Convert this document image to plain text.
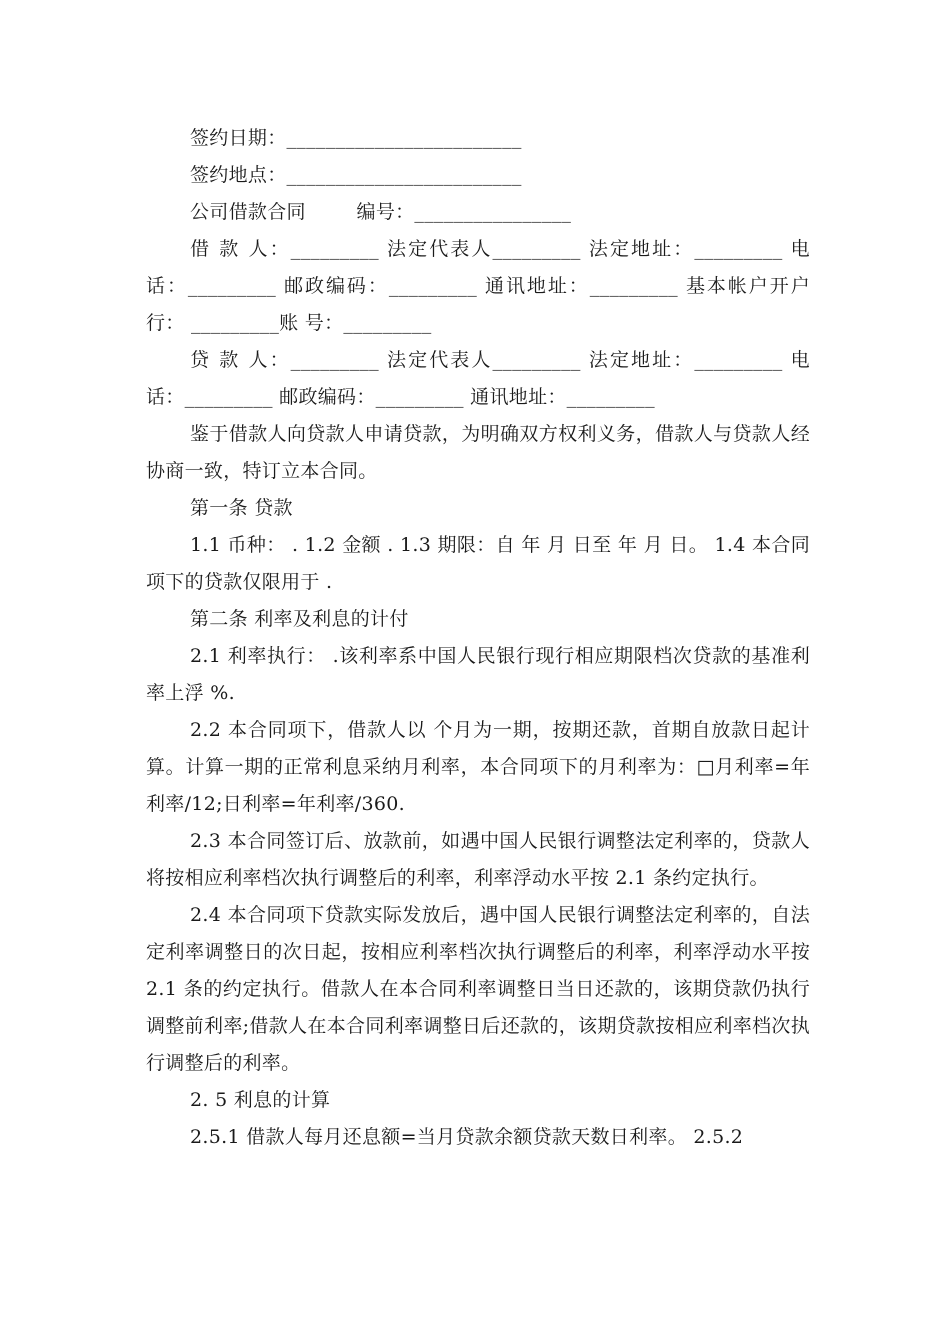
签约日期：________________________

签约地点：________________________

公司借款合同        编号：________________

借 款 人：_________ 法定代表人_________ 法定地址：_________ 电 话：_________ 邮政编码：_________ 通讯地址：_________ 基本帐户开户行： _________账 号：_________

贷 款 人：_________ 法定代表人_________ 法定地址：_________ 电 话：_________ 邮政编码：_________ 通讯地址：_________

鉴于借款人向贷款人申请贷款，为明确双方权利义务，借款人与贷款人经协商一致，特订立本合同。

第一条 贷款

1.1 币种： . 1.2 金额 . 1.3 期限：自 年 月 日至 年 月 日。 1.4 本合同项下的贷款仅限用于 .

第二条 利率及利息的计付

2.1 利率执行： .该利率系中国人民银行现行相应期限档次贷款的基准利率上浮 %.

2.2 本合同项下，借款人以 个月为一期，按期还款，首期自放款日起计算。计算一期的正常利息采纳月利率，本合同项下的月利率为：□月利率=年利率/12;日利率=年利率/360.

2.3 本合同签订后、放款前，如遇中国人民银行调整法定利率的，贷款人将按相应利率档次执行调整后的利率，利率浮动水平按 2.1 条约定执行。

2.4 本合同项下贷款实际发放后，遇中国人民银行调整法定利率的，自法定利率调整日的次日起，按相应利率档次执行调整后的利率，利率浮动水平按 2.1 条的约定执行。借款人在本合同利率调整日当日还款的，该期贷款仍执行调整前利率;借款人在本合同利率调整日后还款的，该期贷款按相应利率档次执行调整后的利率。

2. 5 利息的计算

2.5.1 借款人每月还息额=当月贷款余额贷款天数日利率。 2.5.2
